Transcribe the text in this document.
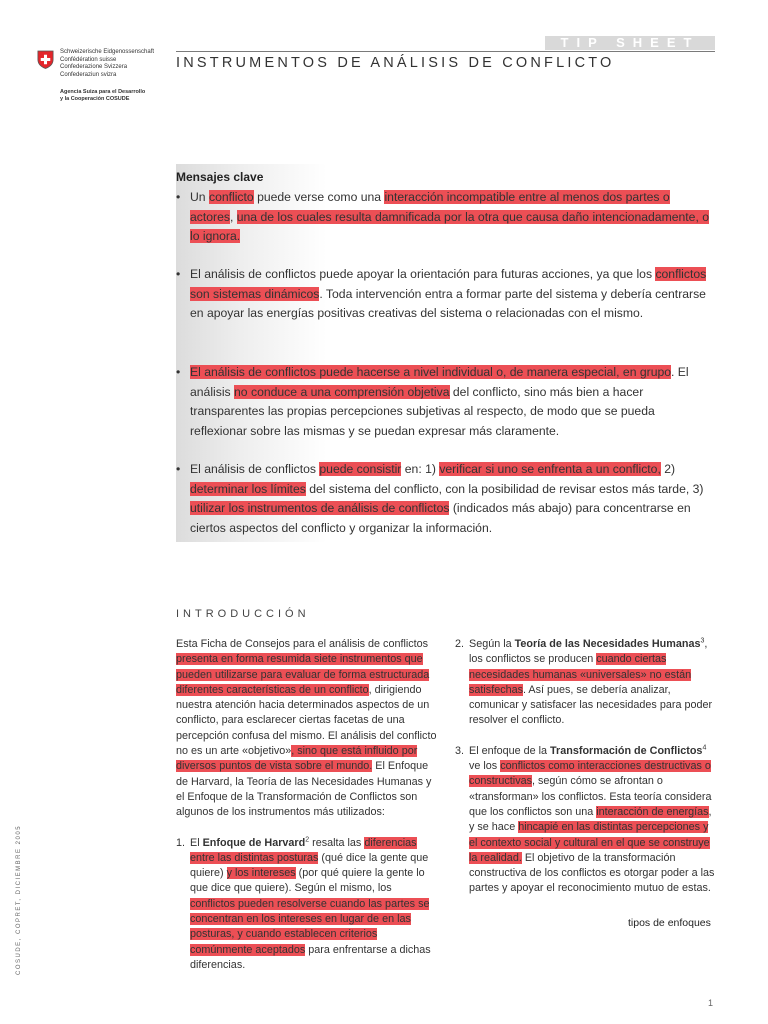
Schweizerische Eidgenossenschaft
Confédération suisse
Confederazione Svizzera
Confederaziun svizra
Agencia Suiza para el Desarrollo
y la Cooperación COSUDE
TIP SHEET
INSTRUMENTOS DE ANÁLISIS DE CONFLICTO
Mensajes clave
• Un conflicto puede verse como una interacción incompatible entre al menos dos partes o actores, una de los cuales resulta damnificada por la otra que causa daño intencionadamente, o lo ignora.
• El análisis de conflictos puede apoyar la orientación para futuras acciones, ya que los conflictos son sistemas dinámicos. Toda intervención entra a formar parte del sistema y debería centrarse en apoyar las energías positivas creativas del sistema o relacionadas con el mismo.
• El análisis de conflictos puede hacerse a nivel individual o, de manera especial, en grupo. El análisis no conduce a una comprensión objetiva del conflicto, sino más bien a hacer transparentes las propias percepciones subjetivas al respecto, de modo que se pueda reflexionar sobre las mismas y se puedan expresar más claramente.
• El análisis de conflictos puede consistir en: 1) verificar si uno se enfrenta a un conflicto, 2) determinar los límites del sistema del conflicto, con la posibilidad de revisar estos más tarde, 3) utilizar los instrumentos de análisis de conflictos (indicados más abajo) para concentrarse en ciertos aspectos del conflicto y organizar la información.
INTRODUCCIÓN

Esta Ficha de Consejos para el análisis de conflictos presenta en forma resumida siete instrumentos que pueden utilizarse para evaluar de forma estructurada diferentes características de un conflicto, dirigiendo nuestra atención hacia determinados aspectos de un conflicto, para esclarecer ciertas facetas de una percepción confusa del mismo. El análisis del conflicto no es un arte «objetivo», sino que está influido por diversos puntos de vista sobre el mundo. El Enfoque de Harvard, la Teoría de las Necesidades Humanas y el Enfoque de la Transformación de Conflictos son algunos de los instrumentos más utilizados:

1. El Enfoque de Harvard$^2$ resalta las diferencias entre las distintas posturas (qué dice la gente que quiere) y los intereses (por qué quiere la gente lo que dice que quiere). Según el mismo, los conflictos pueden resolverse cuando las partes se concentran en los intereses en lugar de en las posturas, y cuando establecen criterios comúnmente aceptados para enfrentarse a dichas diferencias.
2. Según la Teoría de las Necesidades Humanas$^3$, los conflictos se producen cuando ciertas necesidades humanas «universales» no están satisfechas. Así pues, se debería analizar, comunicar y satisfacer las necesidades para poder resolver el conflicto.
3. El enfoque de la Transformación de Conflictos$^4$ ve los conflictos como interacciones destructivas o constructivas, según cómo se afrontan o «transforman» los conflictos. Esta teoría considera que los conflictos son una interacción de energías, y se hace hincapié en las distintas percepciones y el contexto social y cultural en el que se construye la realidad. El objetivo de la transformación constructiva de los conflictos es otorgar poder a las partes y apoyar el reconocimiento mutuo de estas.
tipos de enfoques
COSUDE, COPRET, DICIEMBRE 2005
1
